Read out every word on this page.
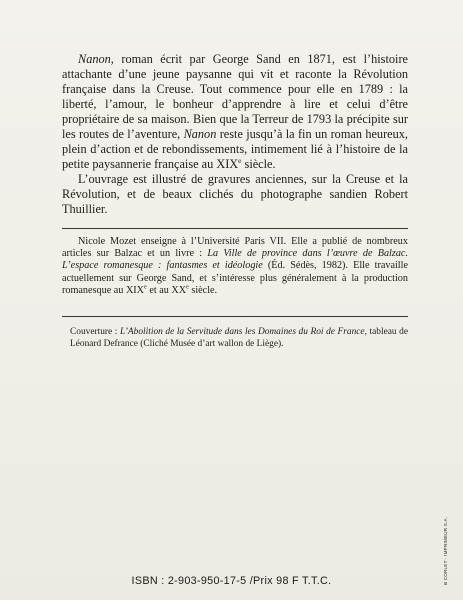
Nanon, roman écrit par George Sand en 1871, est l’histoire attachante d’une jeune paysanne qui vit et raconte la Révolution française dans la Creuse. Tout commence pour elle en 1789 : la liberté, l’amour, le bonheur d’apprendre à lire et celui d’être propriétaire de sa maison. Bien que la Terreur de 1793 la précipite sur les routes de l’aventure, Nanon reste jusqu’à la fin un roman heureux, plein d’action et de rebondissements, intimement lié à l’histoire de la petite paysannerie française au XIXe siècle.

L’ouvrage est illustré de gravures anciennes, sur la Creuse et la Révolution, et de beaux clichés du photographe sandien Robert Thuillier.

Nicole Mozet enseigne à l’Université Paris VII. Elle a publié de nombreux articles sur Balzac et un livre : La Ville de province dans l’œuvre de Balzac. L’espace romanesque : fantasmes et idéologie (Éd. Sédès, 1982). Elle travaille actuellement sur George Sand, et s’intéresse plus généralement à la production romanesque au XIXe et au XXe siècle.

Couverture : L’Abolition de la Servitude dans les Domaines du Roi de France, tableau de Léonard Defrance (Cliché Musée d’art wallon de Liège).

B CORLET · IMPRIMEUR S.A.

ISBN : 2-903-950-17-5 /Prix 98 F T.T.C.
